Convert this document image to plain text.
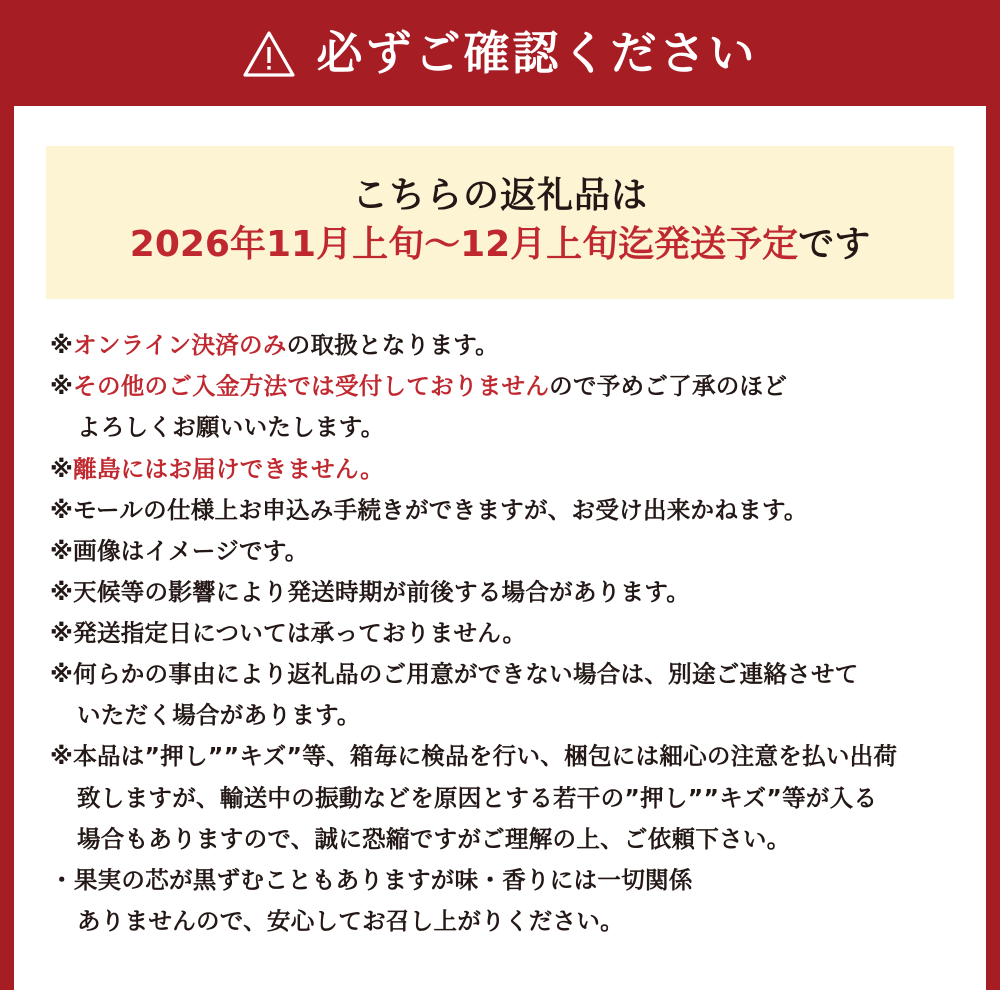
必ずご確認ください
こちらの返礼品は
2026年11月上旬～12月上旬迄発送予定です
※オンライン決済のみの取扱となります。
※その他のご入金方法では受付しておりませんので予めご了承のほど
よろしくお願いいたします。
※離島にはお届けできません。
※モールの仕様上お申込み手続きができますが、お受け出来かねます。
※画像はイメージです。
※天候等の影響により発送時期が前後する場合があります。
※発送指定日については承っておりません。
※何らかの事由により返礼品のご用意ができない場合は、別途ご連絡させて
いただく場合があります。
※本品は”押し””キズ”等、箱毎に検品を行い、梱包には細心の注意を払い出荷
致しますが、輸送中の振動などを原因とする若干の”押し””キズ”等が入る
場合もありますので、誠に恐縮ですがご理解の上、ご依頼下さい。
・果実の芯が黒ずむこともありますが味・香りには一切関係
ありませんので、安心してお召し上がりください。
